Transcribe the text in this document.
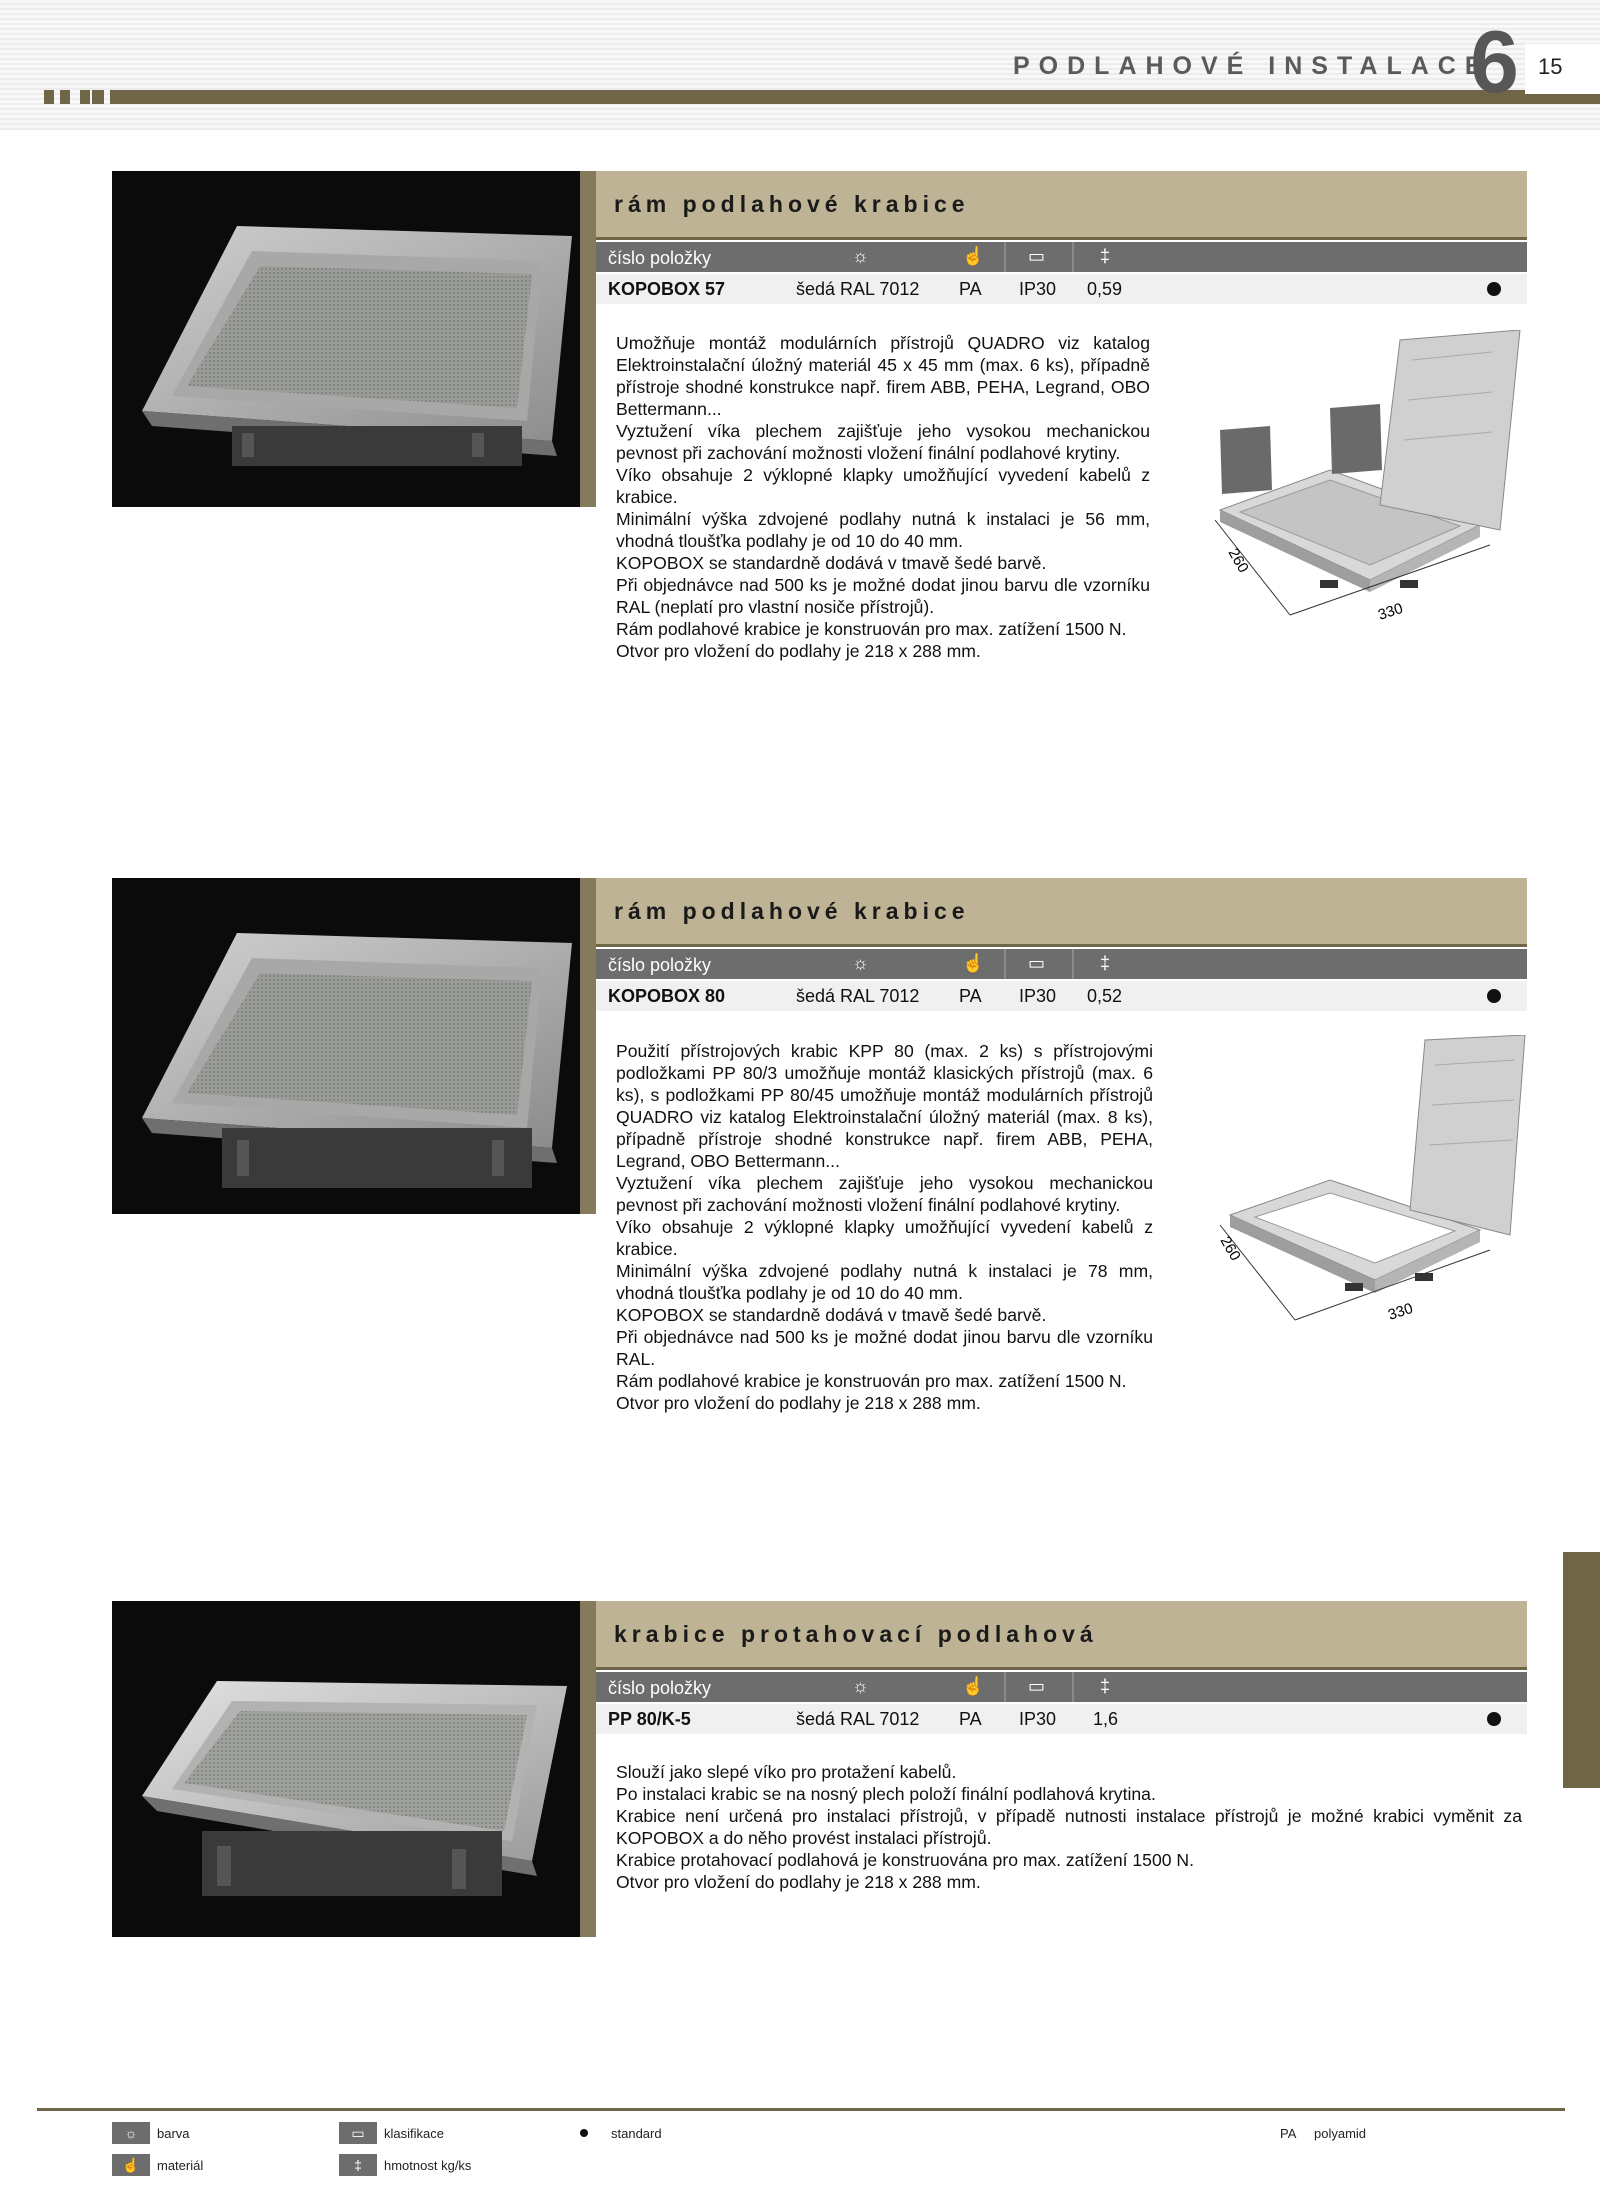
PODLAHOVÉ INSTALACE
6 15
rám podlahové krabice
číslo položky	☼	☝ ▭	‡
KOPOBOX 57	šedá RAL 7012 PA IP30 0,59

Umožňuje montáž modulárních přístrojů QUADRO viz katalog Elektroinstalační úložný materiál 45 x 45 mm (max. 6 ks), případně přístroje shodné konstrukce např. firem ABB, PEHA, Legrand, OBO Bettermann...

Vyztužení víka plechem zajišťuje jeho vysokou mechanickou pevnost při zachování možnosti vložení finální podlahové krytiny.

Víko obsahuje 2 výklopné klapky umožňující vyvedení kabelů z krabice.

Minimální výška zdvojené podlahy nutná k instalaci je 56 mm, vhodná tloušťka podlahy je od 10 do 40 mm.

KOPOBOX se standardně dodává v tmavě šedé barvě.

Při objednávce nad 500 ks je možné dodat jinou barvu dle vzorníku RAL (neplatí pro vlastní nosiče přístrojů).

Rám podlahové krabice je konstruován pro max. zatížení 1500 N.

Otvor pro vložení do podlahy je 218 x 288 mm.

260
330
rám podlahové krabice
číslo položky	☼	☝ ▭	‡
KOPOBOX 80	šedá RAL 7012 PA IP30 0,52

Použití přístrojových krabic KPP 80 (max. 2 ks) s přístrojovými podložkami PP 80/3 umožňuje montáž klasických přístrojů (max. 6 ks), s podložkami PP 80/45 umožňuje montáž modulárních přístrojů QUADRO viz katalog Elektroinstalační úložný materiál (max. 8 ks), případně přístroje shodné konstrukce např. firem ABB, PEHA, Legrand, OBO Bettermann...

Vyztužení víka plechem zajišťuje jeho vysokou mechanickou pevnost při zachování možnosti vložení finální podlahové krytiny.

Víko obsahuje 2 výklopné klapky umožňující vyvedení kabelů z krabice.

Minimální výška zdvojené podlahy nutná k instalaci je 78 mm, vhodná tloušťka podlahy je od 10 do 40 mm.

KOPOBOX se standardně dodává v tmavě šedé barvě.

Při objednávce nad 500 ks je možné dodat jinou barvu dle vzorníku RAL.

Rám podlahové krabice je konstruován pro max. zatížení 1500 N.

Otvor pro vložení do podlahy je 218 x 288 mm.

260
330
krabice protahovací podlahová
číslo položky	☼	☝ ▭	‡
PP 80/K-5	šedá RAL 7012 PA IP30 1,6

Slouží jako slepé víko pro protažení kabelů.

Po instalaci krabic se na nosný plech položí finální podlahová krytina.

Krabice není určená pro instalaci přístrojů, v případě nutnosti instalace přístrojů je možné krabici vyměnit za KOPOBOX a do něho provést instalaci přístrojů.

Krabice protahovací podlahová je konstruována pro max. zatížení 1500 N.

Otvor pro vložení do podlahy je 218 x 288 mm.

☼	barva
☝	materiál
▭	klasifikace
‡	hmotnost kg/ks
standard	PA polyamid
